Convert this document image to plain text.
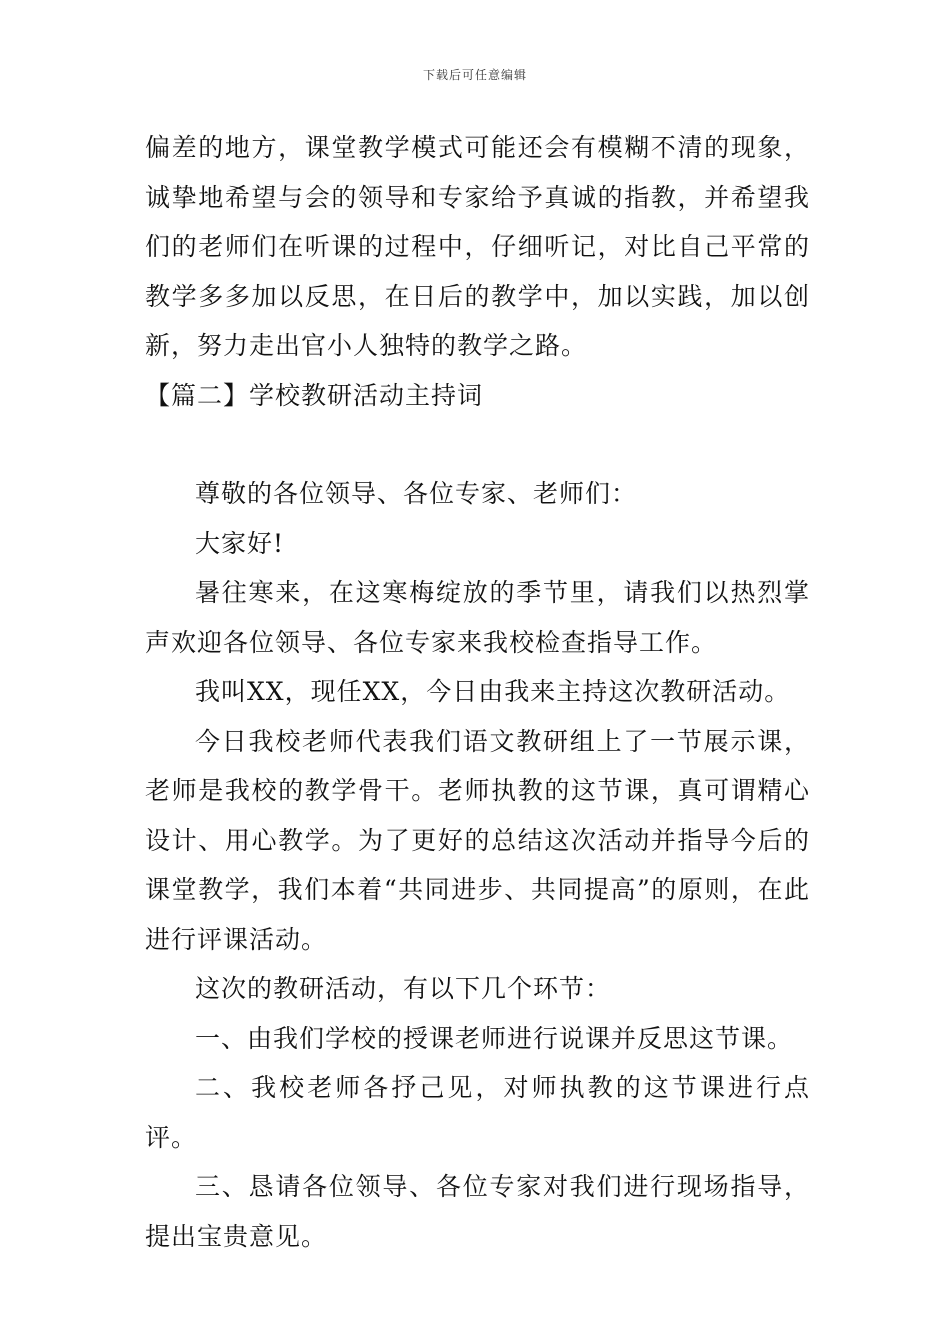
下载后可任意编辑

偏差的地方，课堂教学模式可能还会有模糊不清的现象，诚挚地希望与会的领导和专家给予真诚的指教，并希望我们的老师们在听课的过程中，仔细听记，对比自己平常的教学多多加以反思，在日后的教学中，加以实践，加以创新，努力走出官小人独特的教学之路。

【篇二】学校教研活动主持词

尊敬的各位领导、各位专家、老师们：

大家好!

暑往寒来，在这寒梅绽放的季节里，请我们以热烈掌声欢迎各位领导、各位专家来我校检查指导工作。

我叫XX，现任XX，今日由我来主持这次教研活动。

今日我校老师代表我们语文教研组上了一节展示课，老师是我校的教学骨干。老师执教的这节课，真可谓精心设计、用心教学。为了更好的总结这次活动并指导今后的课堂教学，我们本着“共同进步、共同提高”的原则，在此进行评课活动。

这次的教研活动，有以下几个环节：

一、由我们学校的授课老师进行说课并反思这节课。

二、我校老师各抒己见，对师执教的这节课进行点评。

三、恳请各位领导、各位专家对我们进行现场指导，提出宝贵意见。
